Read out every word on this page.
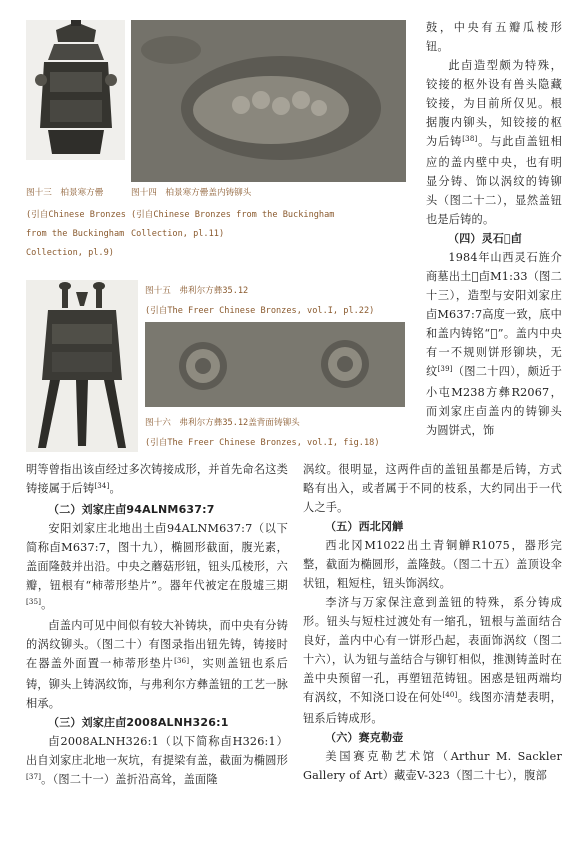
图十三　柏景寒方罍	图十四　柏景寒方罍盖内铸铆头
(引自Chinese Bronzes
from the Buckingham
Collection, pl.9)
(引自Chinese Bronzes from the Buckingham
Collection, pl.11)
图十五　弗利尔方彝35.12
(引自The Freer Chinese Bronzes, vol.I, pl.22)
图十六　弗利尔方彝35.12盖背面铸铆头
(引自The Freer Chinese Bronzes, vol.I, fig.18)

鼓，中央有五瓣瓜棱形钮。

此卣造型颇为特殊，铰接的枢外设有兽头隐藏铰接，为目前所仅见。根据腹内铆头，知铰接的枢为后铸[38]。与此卣盖钮相应的盖内壁中央，也有明显分铸、饰以涡纹的铸铆头（图二十二），显然盖钮也是后铸的。

（四）灵石𡧊卣

1984年山西灵石旌介商墓出土𡧊卣M1:33（图二十三），造型与安阳刘家庄卣M637:7高度一致，底中和盖内铸铭“𡧊”。盖内中央有一不规则饼形铆块，无纹[39]（图二十四），颇近于小屯M238方彝R2067，而刘家庄卣盖内的铸铆头为圆饼式，饰

明等曾指出该卣经过多次铸接成形，并首先命名这类铸接属于后铸[34]。

（二）刘家庄卣94ALNM637:7

安阳刘家庄北地出土卣94ALNM637:7（以下简称卣M637:7，图十九），椭圆形截面，腹光素，盖面隆鼓并出沿。中央之蘑菇形钮，钮头瓜棱形，六瓣，钮根有“柿蒂形垫片”。器年代被定在殷墟三期[35]。

卣盖内可见中间似有较大补铸块，而中央有分铸的涡纹铆头。（图二十）有图录指出钮先铸，铸接时在器盖外面置一柿蒂形垫片[36]，实则盖钮也系后铸，铆头上铸涡纹饰，与弗利尔方彝盖钮的工艺一脉相承。

（三）刘家庄卣2008ALNH326:1

卣2008ALNH326:1（以下简称卣H326:1）出自刘家庄北地一灰坑，有提梁有盖，截面为椭圆形[37]。（图二十一）盖折沿高耸，盖面隆

涡纹。很明显，这两件卣的盖钮虽都是后铸，方式略有出入，或者属于不同的枝系，大约同出于一代人之手。

（五）西北冈觯

西北冈M1022出土青铜觯R1075，器形完整，截面为椭圆形，盖隆鼓。（图二十五）盖顶设伞状钮，粗短柱，钮头饰涡纹。

李济与万家保注意到盖钮的特殊，系分铸成形。钮头与短柱过渡处有一缩孔，钮根与盖面结合良好，盖内中心有一饼形凸起，表面饰涡纹（图二十六），认为钮与盖结合与铆钉相似，推测铸盖时在盖中央预留一孔，再塑钮范铸钮。困惑是钮两端均有涡纹，不知浇口设在何处[40]。线图亦清楚表明，钮系后铸成形。

（六）赛克勒壶

美国赛克勒艺术馆（Arthur M. Sackler Gallery of Art）藏壶V-323（图二十七），腹部
